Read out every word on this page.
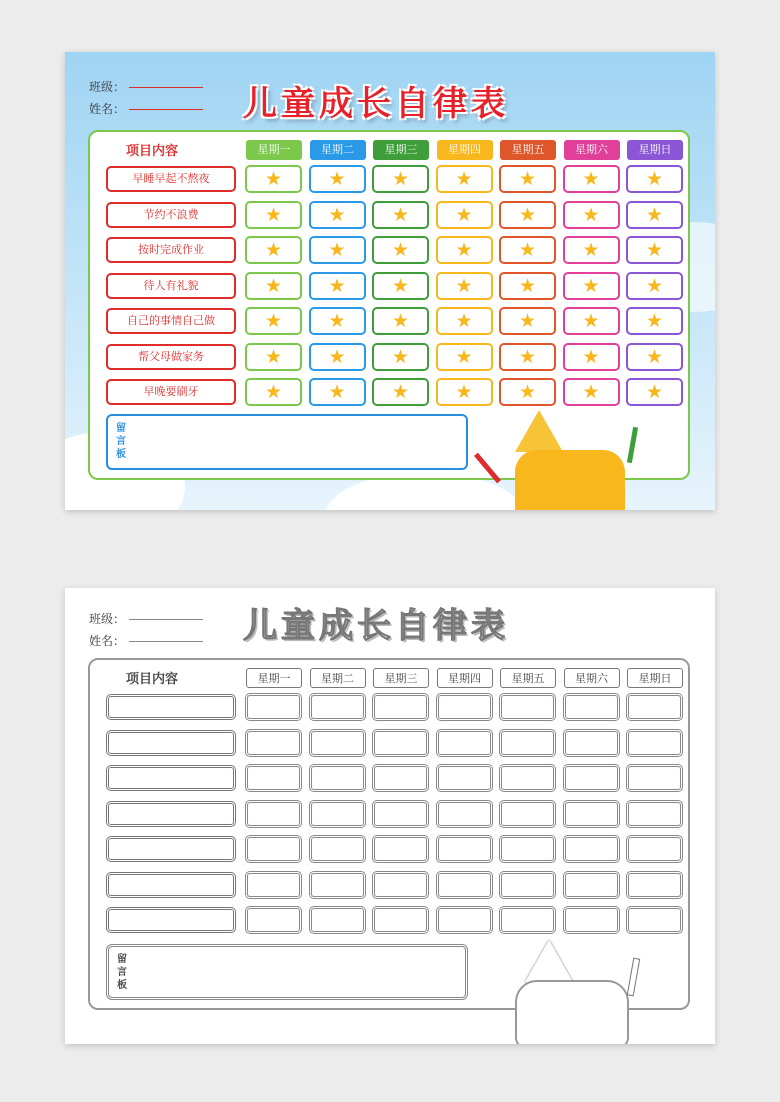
班级：
姓名：	儿童成长自律表
项目内容	星期一	星期二	星期三	星期四	星期五	星期六	星期日
早睡早起不熬夜	★	★	★	★	★	★	★
节约不浪费	★	★	★	★	★	★	★
按时完成作业	★	★	★	★	★	★	★
待人有礼貌	★	★	★	★	★	★	★
自己的事情自己做	★	★	★	★	★	★	★
帮父母做家务	★	★	★	★	★	★	★
早晚要刷牙	★	★	★	★	★	★	★
留言板
班级：
姓名：	儿童成长自律表
项目内容	星期一	星期二	星期三	星期四	星期五	星期六	星期日
留言板
